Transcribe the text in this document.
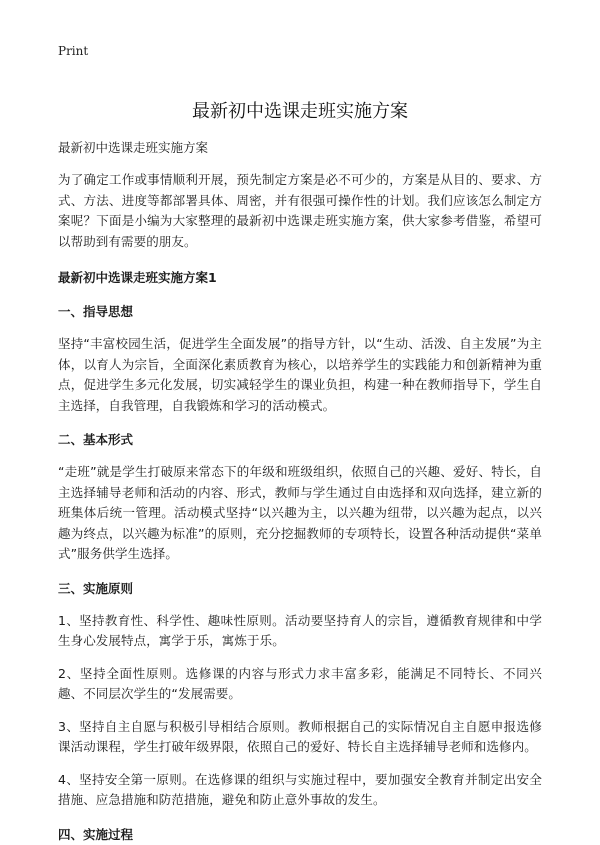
Print
最新初中选课走班实施方案
最新初中选课走班实施方案

为了确定工作或事情顺利开展，预先制定方案是必不可少的，方案是从目的、要求、方式、方法、进度等都部署具体、周密，并有很强可操作性的计划。我们应该怎么制定方案呢？下面是小编为大家整理的最新初中选课走班实施方案，供大家参考借鉴，希望可以帮助到有需要的朋友。

最新初中选课走班实施方案1
一、指导思想

坚持“丰富校园生活，促进学生全面发展”的指导方针，以“生动、活泼、自主发展”为主体，以育人为宗旨，全面深化素质教育为核心，以培养学生的实践能力和创新精神为重点，促进学生多元化发展，切实减轻学生的课业负担，构建一种在教师指导下，学生自主选择，自我管理，自我锻炼和学习的活动模式。

二、基本形式

“走班”就是学生打破原来常态下的年级和班级组织，依照自己的兴趣、爱好、特长，自主选择辅导老师和活动的内容、形式，教师与学生通过自由选择和双向选择，建立新的班集体后统一管理。活动模式坚持“以兴趣为主，以兴趣为纽带，以兴趣为起点，以兴趣为终点，以兴趣为标准”的原则，充分挖掘教师的专项特长，设置各种活动提供“菜单式”服务供学生选择。

三、实施原则

1、坚持教育性、科学性、趣味性原则。活动要坚持育人的宗旨，遵循教育规律和中学生身心发展特点，寓学于乐，寓炼于乐。

2、坚持全面性原则。选修课的内容与形式力求丰富多彩，能满足不同特长、不同兴趣、不同层次学生的“发展需要。

3、坚持自主自愿与积极引导相结合原则。教师根据自己的实际情况自主自愿申报选修课活动课程，学生打破年级界限，依照自己的爱好、特长自主选择辅导老师和选修内。

4、坚持安全第一原则。在选修课的组织与实施过程中，要加强安全教育并制定出安全措施、应急措施和防范措施，避免和防止意外事故的发生。

四、实施过程
